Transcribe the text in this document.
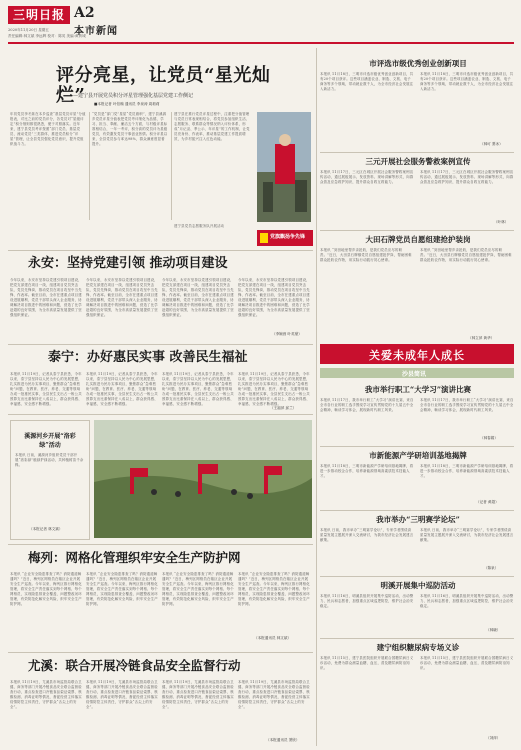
三明日报 A2
本市新闻
2020年11月20日 星期五
责任编辑:林文斌 李远辉 校对：陈英 美编:黄育城
评分亮星，让党员“星光灿烂”
——建宁县开展党员积分评星管理强化基层党建工作侧记
■本报记者 叶信翰 通讯员 李泉涛 周莉莉
年初党员李冬妹在本乡巡查“基层党员评星”分值报表，对比之前的党员评分，各党员对“星级评定”积分细则都很熟悉，便于对照落实。近年来，建宁县党员考评按照“部门党员、基层党员、流动党员”三类群体，推进党员积分“评星”管理，让全县党员强化党员意识，提升党组织战斗力。
“党员是“部门党”星星“党员旗帜”，建宁县溪源乡党员评星分值表把党员考评细化为品德、学习、担当、奉献、廉洁五个方面，与村级评星标准相结合，一年一考评，积分高的党员评为星级党员，有效激发党员干事创业热情。积分评星以来，全县党员参与率达98%，群众满意度显著提升。
建宁县在推行党员评星过程中，注重把分值管理与党员日常表现相结合，将党员参加组织生活、志愿服务、联系群众等情况纳入评价体系，形成“月记录、季公示、年评星”的工作机制，让党员亮身份、作表率，推动基层党建工作提质增效，为乡村振兴注入红色动能。
党旗飘扬争先锋
建宁县党员志愿服务队开展活动
永安：坚持党建引领 推动项目建设
今年以来，永安市坚持以党建引领项目建设，把党支部建在项目一线，组建项目党员突击队、党员先锋岗，推动党员在项目攻坚中当先锋、作表率。截至目前，全市在建重点项目建设进展顺利，党员干部带头深入企业服务，协调解决项目推进中的困难和问题，营造了比学赶超的良好氛围，为全市高质量发展提供了坚强组织保证。
今年以来，永安市坚持以党建引领项目建设，把党支部建在项目一线，组建项目党员突击队、党员先锋岗，推动党员在项目攻坚中当先锋、作表率。截至目前，全市在建重点项目建设进展顺利，党员干部带头深入企业服务，协调解决项目推进中的困难和问题，营造了比学赶超的良好氛围，为全市高质量发展提供了坚强组织保证。
今年以来，永安市坚持以党建引领项目建设，把党支部建在项目一线，组建项目党员突击队、党员先锋岗，推动党员在项目攻坚中当先锋、作表率。截至目前，全市在建重点项目建设进展顺利，党员干部带头深入企业服务，协调解决项目推进中的困难和问题，营造了比学赶超的良好氛围，为全市高质量发展提供了坚强组织保证。
今年以来，永安市坚持以党建引领项目建设，把党支部建在项目一线，组建项目党员突击队、党员先锋岗，推动党员在项目攻坚中当先锋、作表率。截至目前，全市在建重点项目建设进展顺利，党员干部带头深入企业服务，协调解决项目推进中的困难和问题，营造了比学赶超的良好氛围，为全市高质量发展提供了坚强组织保证。
（李婉茵 叶英豪）
泰宁：办好惠民实事 改善民生福祉
本报讯 11月19日，记者从泰宁县获悉，今年以来，泰宁县坚持以人民为中心的发展思想，扎实推进为民办实事项目，聚焦群众“急难愁盼”问题，在教育、医疗、养老、交通等领域办成一批惠民实事，全县民生支出占一般公共预算支出比重保持在八成以上，群众获得感、幸福感、安全感不断增强。
本报讯 11月19日，记者从泰宁县获悉，今年以来，泰宁县坚持以人民为中心的发展思想，扎实推进为民办实事项目，聚焦群众“急难愁盼”问题，在教育、医疗、养老、交通等领域办成一批惠民实事，全县民生支出占一般公共预算支出比重保持在八成以上，群众获得感、幸福感、安全感不断增强。
本报讯 11月19日，记者从泰宁县获悉，今年以来，泰宁县坚持以人民为中心的发展思想，扎实推进为民办实事项目，聚焦群众“急难愁盼”问题，在教育、医疗、养老、交通等领域办成一批惠民实事，全县民生支出占一般公共预算支出比重保持在八成以上，群众获得感、幸福感、安全感不断增强。
本报讯 11月19日，记者从泰宁县获悉，今年以来，泰宁县坚持以人民为中心的发展思想，扎实推进为民办实事项目，聚焦群众“急难愁盼”问题，在教育、医疗、养老、交通等领域办成一批惠民实事，全县民生支出占一般公共预算支出比重保持在八成以上，群众获得感、幸福感、安全感不断增强。
（王福萍 邱兰）
溪源河乡开展“洛彩绿”活动
本报讯 日前，溪源河乡组织党员干部开展“洛彩绿”植绿护绿活动，共种植树苗千余株。
（本报记者 林文斌）
梅列：网格化管理织牢安全生产防护网
本报讯 “企业安全隐患排查了吗？消防通道畅通吗？”近日，梅列区网格员在辖区企业开展安全生产巡查。今年以来，梅列区推行网格化管理，将安全生产责任落实到每个网格、每个网格员，实现隐患排查全覆盖、问题整改闭环管理，有效防范化解安全风险，织牢安全生产防护网。
本报讯 “企业安全隐患排查了吗？消防通道畅通吗？”近日，梅列区网格员在辖区企业开展安全生产巡查。今年以来，梅列区推行网格化管理，将安全生产责任落实到每个网格、每个网格员，实现隐患排查全覆盖、问题整改闭环管理，有效防范化解安全风险，织牢安全生产防护网。
本报讯 “企业安全隐患排查了吗？消防通道畅通吗？”近日，梅列区网格员在辖区企业开展安全生产巡查。今年以来，梅列区推行网格化管理，将安全生产责任落实到每个网格、每个网格员，实现隐患排查全覆盖、问题整改闭环管理，有效防范化解安全风险，织牢安全生产防护网。
本报讯 “企业安全隐患排查了吗？消防通道畅通吗？”近日，梅列区网格员在辖区企业开展安全生产巡查。今年以来，梅列区推行网格化管理，将安全生产责任落实到每个网格、每个网格员，实现隐患排查全覆盖、问题整改闭环管理，有效防范化解安全风险，织牢安全生产防护网。
（本报通讯员 林文斌）
尤溪：联合开展冷链食品安全监督行动
本报讯 11月19日，尤溪县市场监管局联合卫健、商务等部门开展冷链食品安全联合监督检查行动，重点检查进口冷链食品索证索票、核酸检测、消毒证明等情况，督促经营主体落实疫情防控主体责任，守护群众“舌尖上的安全”。
本报讯 11月19日，尤溪县市场监管局联合卫健、商务等部门开展冷链食品安全联合监督检查行动，重点检查进口冷链食品索证索票、核酸检测、消毒证明等情况，督促经营主体落实疫情防控主体责任，守护群众“舌尖上的安全”。
本报讯 11月19日，尤溪县市场监管局联合卫健、商务等部门开展冷链食品安全联合监督检查行动，重点检查进口冷链食品索证索票、核酸检测、消毒证明等情况，督促经营主体落实疫情防控主体责任，守护群众“舌尖上的安全”。
本报讯 11月19日，尤溪县市场监管局联合卫健、商务等部门开展冷链食品安全联合监督检查行动，重点检查进口冷链食品索证索票、核酸检测、消毒证明等情况，督促经营主体落实疫情防控主体责任，守护群众“舌尖上的安全”。
（本报通讯员 萧欣）
市评选市级优秀创业创新项目
本报讯 11月18日，三明市评选市级优秀创业创新项目，共有20个项目获评。这些项目涵盖农业、制造、文旅、电子商务等多个领域，带动就业数千人，为全市经济社会发展注入新活力。
本报讯 11月18日，三明市评选市级优秀创业创新项目，共有20个项目获评。这些项目涵盖农业、制造、文旅、电子商务等多个领域，带动就业数千人，为全市经济社会发展注入新活力。
（林可 萧冰）
三元开展社会服务警救案例宣传
本报讯 11月17日，三元区在城区开展社会服务警救案例宣传活动，通过展板展示、发放资料、现场讲解等形式，向群众普及应急救护知识，提升群众自救互救能力。
本报讯 11月17日，三元区在城区开展社会服务警救案例宣传活动，通过展板展示、发放资料、现场讲解等形式，向群众普及应急救护知识，提升群众自救互救能力。
（叶林）
大田石牌党员自愿组建抢护装岗
本报讯 “到田地里帮乡亲抢收，是我们党员应尽的职责。”近日，大田县石牌镇党员自愿组建抢护岗，帮助困难群众抢收农作物，用实际行动践行初心使命。
本报讯 “到田地里帮乡亲抢收，是我们党员应尽的职责。”近日，大田县石牌镇党员自愿组建抢护岗，帮助困难群众抢收农作物，用实际行动践行初心使命。
（林立萍 黄华）
关爱未成年人成长
沙县简讯
我市举行职工“大学习”演讲比赛
本报讯 11月17日，我市举行职工“大学习”演讲比赛，来自全市各行业的职工选手围绕学习宣传贯彻党的十九届五中全会精神，畅谈学习体会，展现新时代职工风采。
本报讯 11月17日，我市举行职工“大学习”演讲比赛，来自全市各行业的职工选手围绕学习宣传贯彻党的十九届五中全会精神，畅谈学习体会，展现新时代职工风采。
（林春娟）
市新能源产学研培训基地揭牌
本报讯 11月18日，三明市新能源产学研培训基地揭牌，将进一步推动校企合作，培养新能源领域高素质技术技能人才。
本报讯 11月18日，三明市新能源产学研培训基地揭牌，将进一步推动校企合作，培养新能源领域高素质技术技能人才。
（记者 黄超）
我市举办“三明赛学论坛”
本报讯 日前，我市举办“三明赛学论坛”，专家学者围绕高质量发展主题展开深入交流研讨，为我市经济社会发展建言献策。
本报讯 日前，我市举办“三明赛学论坛”，专家学者围绕高质量发展主题展开深入交流研讨，为我市经济社会发展建言献策。
（陈泉）
明溪开展集中巡防活动
本报讯 11月16日，明溪县组织开展集中巡防活动，出动警力、民兵和志愿者，加强重点区域巡逻防控，维护社会治安稳定。
本报讯 11月16日，明溪县组织开展集中巡防活动，出动警力、民兵和志愿者，加强重点区域巡逻防控，维护社会治安稳定。
（林晓）
建宁组织糖尿病专场义诊
本报讯 11月15日，建宁县医院组织开展联合国糖尿病日义诊活动，免费为群众测量血糖、血压，普及糖尿病防治知识。
本报讯 11月15日，建宁县医院组织开展联合国糖尿病日义诊活动，免费为群众测量血糖、血压，普及糖尿病防治知识。
（刘萍）
